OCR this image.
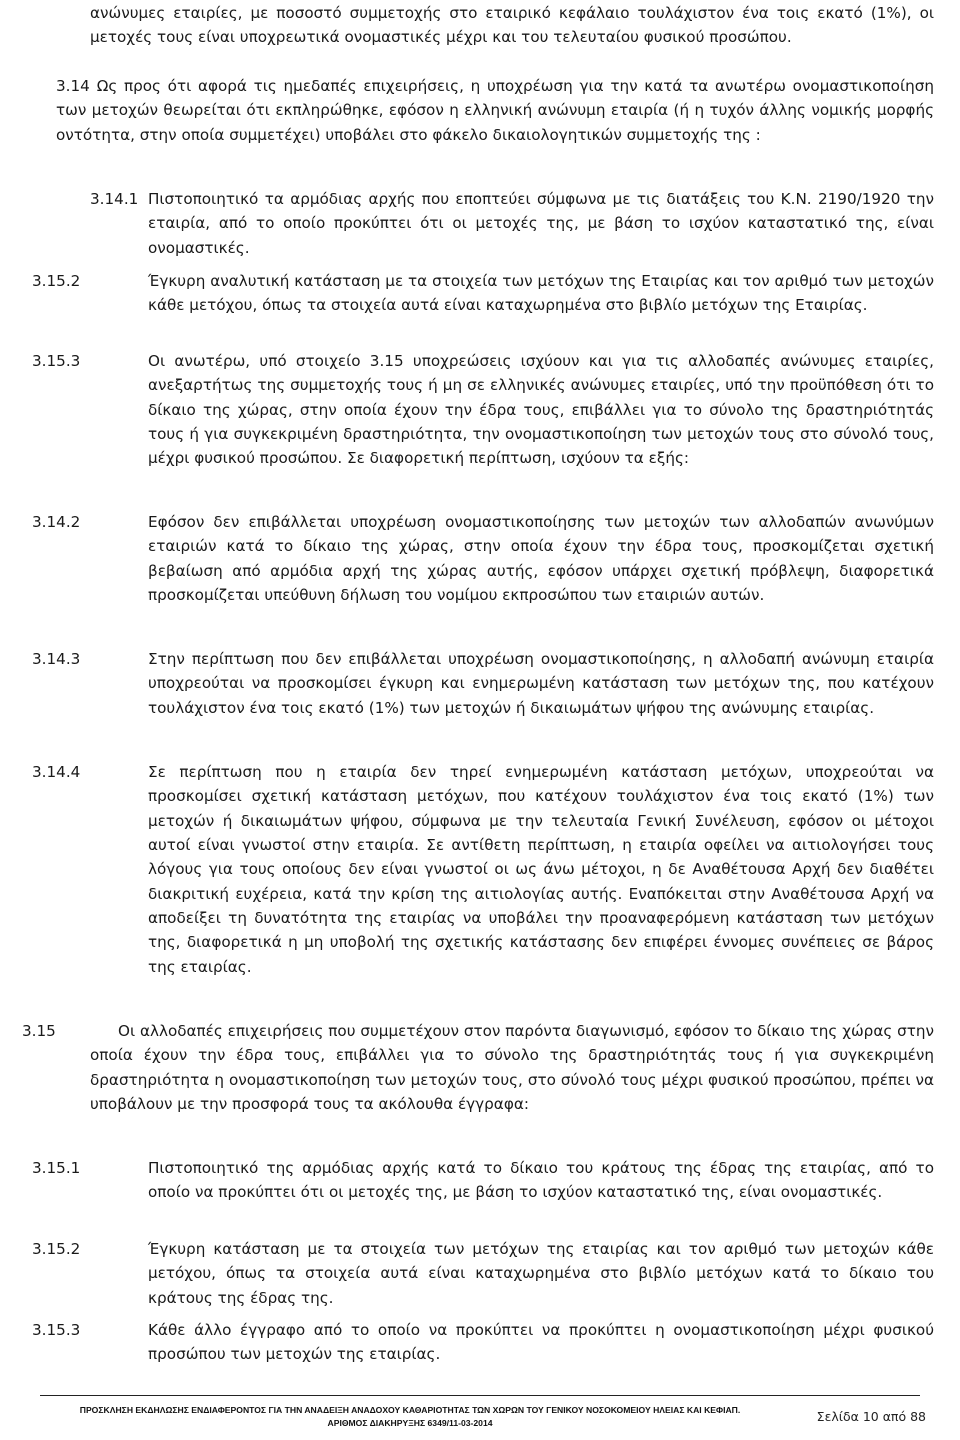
ανώνυμες εταιρίες, με ποσοστό συμμετοχής στο εταιρικό κεφάλαιο τουλάχιστον ένα τοις εκατό (1%), οι μετοχές τους είναι υποχρεωτικά ονομαστικές μέχρι και του τελευταίου φυσικού προσώπου.

3.14 Ως προς ότι αφορά τις ημεδαπές επιχειρήσεις, η υποχρέωση για την κατά τα ανωτέρω ονομαστικοποίηση των μετοχών θεωρείται ότι εκπληρώθηκε, εφόσον η ελληνική ανώνυμη εταιρία (ή η τυχόν άλλης νομικής μορφής οντότητα, στην οποία συμμετέχει) υποβάλει στο φάκελο δικαιολογητικών συμμετοχής της :

3.14.1 Πιστοποιητικό τα αρμόδιας αρχής που εποπτεύει σύμφωνα με τις διατάξεις του Κ.Ν. 2190/1920 την εταιρία, από το οποίο προκύπτει ότι οι μετοχές της, με βάση το ισχύον καταστατικό της, είναι ονομαστικές.

3.15.2	Έγκυρη αναλυτική κατάσταση με τα στοιχεία των μετόχων της Εταιρίας και τον αριθμό των μετοχών κάθε μετόχου, όπως τα στοιχεία αυτά είναι καταχωρημένα στο βιβλίο μετόχων της Εταιρίας.

3.15.3	Οι ανωτέρω, υπό στοιχείο 3.15 υποχρεώσεις ισχύουν και για τις αλλοδαπές ανώνυμες εταιρίες, ανεξαρτήτως της συμμετοχής τους ή μη σε ελληνικές ανώνυμες εταιρίες, υπό την προϋπόθεση ότι το δίκαιο της χώρας, στην οποία έχουν την έδρα τους, επιβάλλει για το σύνολο της δραστηριότητάς τους ή για συγκεκριμένη δραστηριότητα, την ονομαστικοποίηση των μετοχών τους στο σύνολό τους, μέχρι φυσικού προσώπου. Σε διαφορετική περίπτωση, ισχύουν τα εξής:

3.14.2	Εφόσον δεν επιβάλλεται υποχρέωση ονομαστικοποίησης των μετοχών των αλλοδαπών ανωνύμων εταιριών κατά το δίκαιο της χώρας, στην οποία έχουν την έδρα τους, προσκομίζεται σχετική βεβαίωση από αρμόδια αρχή της χώρας αυτής, εφόσον υπάρχει σχετική πρόβλεψη, διαφορετικά προσκομίζεται υπεύθυνη δήλωση του νομίμου εκπροσώπου των εταιριών αυτών.

3.14.3	Στην περίπτωση που δεν επιβάλλεται υποχρέωση ονομαστικοποίησης, η αλλοδαπή ανώνυμη εταιρία υποχρεούται να προσκομίσει έγκυρη και ενημερωμένη κατάσταση των μετόχων της, που κατέχουν τουλάχιστον ένα τοις εκατό (1%) των μετοχών ή δικαιωμάτων ψήφου της ανώνυμης εταιρίας.

3.14.4	Σε περίπτωση που η εταιρία δεν τηρεί ενημερωμένη κατάσταση μετόχων, υποχρεούται να προσκομίσει σχετική κατάσταση μετόχων, που κατέχουν τουλάχιστον ένα τοις εκατό (1%) των μετοχών ή δικαιωμάτων ψήφου, σύμφωνα με την τελευταία Γενική Συνέλευση, εφόσον οι μέτοχοι αυτοί είναι γνωστοί στην εταιρία. Σε αντίθετη περίπτωση, η εταιρία οφείλει να αιτιολογήσει τους λόγους για τους οποίους δεν είναι γνωστοί οι ως άνω μέτοχοι, η δε Αναθέτουσα Αρχή δεν διαθέτει διακριτική ευχέρεια, κατά την κρίση της αιτιολογίας αυτής. Εναπόκειται στην Αναθέτουσα Αρχή να αποδείξει τη δυνατότητα της εταιρίας να υποβάλει την προαναφερόμενη κατάσταση των μετόχων της, διαφορετικά η μη υποβολή της σχετικής κατάστασης δεν επιφέρει έννομες συνέπειες σε βάρος της εταιρίας.

3.15	Οι αλλοδαπές επιχειρήσεις που συμμετέχουν στον παρόντα διαγωνισμό, εφόσον το δίκαιο της χώρας στην οποία έχουν την έδρα τους, επιβάλλει για το σύνολο της δραστηριότητάς τους ή για συγκεκριμένη δραστηριότητα η ονομαστικοποίηση των μετοχών τους, στο σύνολό τους μέχρι φυσικού προσώπου, πρέπει να υποβάλουν με την προσφορά τους τα ακόλουθα έγγραφα:

3.15.1	Πιστοποιητικό της αρμόδιας αρχής κατά το δίκαιο του κράτους της έδρας της εταιρίας, από το οποίο να προκύπτει ότι οι μετοχές της, με βάση το ισχύον καταστατικό της, είναι ονομαστικές.

3.15.2	Έγκυρη κατάσταση με τα στοιχεία των μετόχων της εταιρίας και τον αριθμό των μετοχών κάθε μετόχου, όπως τα στοιχεία αυτά είναι καταχωρημένα στο βιβλίο μετόχων κατά το δίκαιο του κράτους της έδρας της.

3.15.3	Κάθε άλλο έγγραφο από το οποίο να προκύπτει να προκύπτει η ονομαστικοποίηση μέχρι φυσικού προσώπου των μετοχών της εταιρίας.

ΠΡΟΣΚΛΗΣΗ ΕΚΔΗΛΩΣΗΣ ΕΝΔΙΑΦΕΡΟΝΤΟΣ ΓΙΑ ΤΗΝ ΑΝΑΔΕΙΞΗ ΑΝΑΔΟΧΟΥ ΚΑΘΑΡΙΟΤΗΤΑΣ ΤΩΝ ΧΩΡΩΝ ΤΟΥ ΓΕΝΙΚΟΥ ΝΟΣΟΚΟΜΕΙΟΥ ΗΛΕΙΑΣ ΚΑΙ ΚΕΦΙΑΠ.
ΑΡΙΘΜΟΣ ΔΙΑΚΗΡΥΞΗΣ 6349/11-03-2014	Σελίδα 10 από 88
